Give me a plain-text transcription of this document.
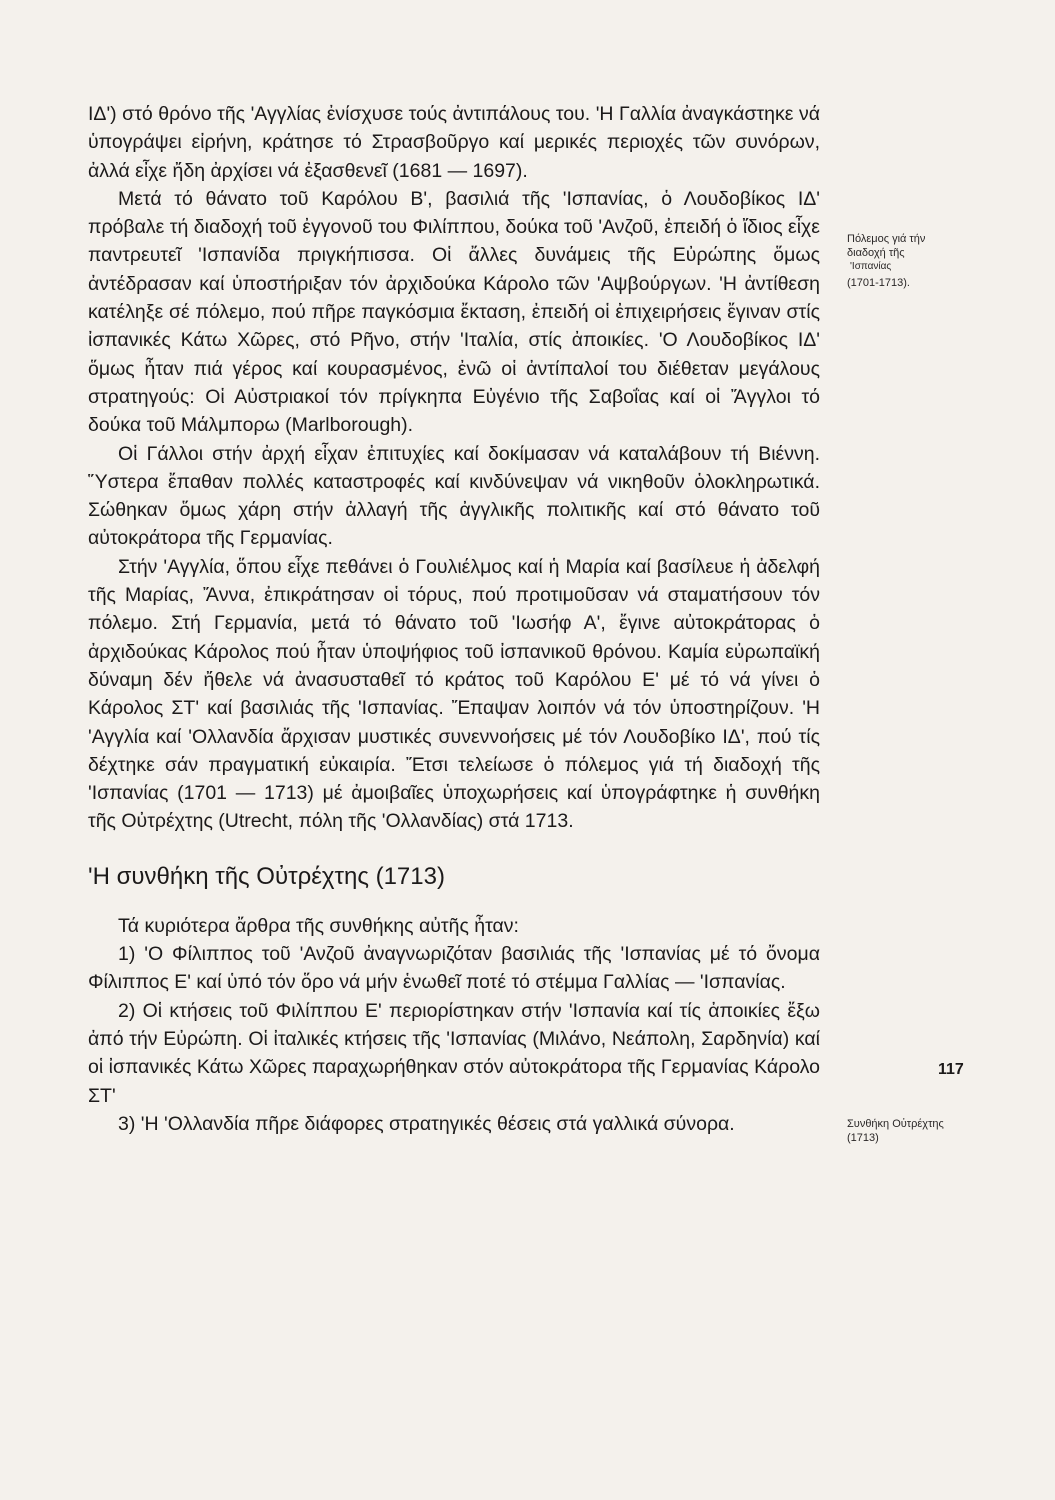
ΙΔ') στό θρόνο τῆς 'Αγγλίας ἐνίσχυσε τούς ἀντιπάλους του. 'Η Γαλλία ἀναγκάστηκε νά ὑπογράψει εἰρήνη, κράτησε τό Στρασβοῦργο καί μερικές περιοχές τῶν συνόρων, ἀλλά εἶχε ἤδη ἀρχίσει νά ἐξασθενεῖ (1681 — 1697).

Μετά τό θάνατο τοῦ Καρόλου Β', βασιλιά τῆς 'Ισπανίας, ὁ Λουδοβίκος ΙΔ' πρόβαλε τή διαδοχή τοῦ ἐγγονοῦ του Φιλίππου, δούκα τοῦ 'Ανζοῦ, ἐπειδή ὁ ἴδιος εἶχε παντρευτεῖ 'Ισπανίδα πριγκήπισσα. Οἱ ἄλλες δυνάμεις τῆς Εὐρώπης ὅμως ἀντέδρασαν καί ὑποστήριξαν τόν ἀρχιδούκα Κάρολο τῶν 'Αψβούργων. 'Η ἀντίθεση κατέληξε σέ πόλεμο, πού πῆρε παγκόσμια ἔκταση, ἐπειδή οἱ ἐπιχειρήσεις ἔγιναν στίς ἰσπανικές Κάτω Χῶρες, στό Ρῆνο, στήν 'Ιταλία, στίς ἀποικίες. 'Ο Λουδοβίκος ΙΔ' ὅμως ἦταν πιά γέρος καί κουρασμένος, ἐνῶ οἱ ἀντίπαλοί του διέθεταν μεγάλους στρατηγούς: Οἱ Αὐστριακοί τόν πρίγκηπα Εὐγένιο τῆς Σαβοΐας καί οἱ Ἄγγλοι τό δούκα τοῦ Μάλμπορω (Marlborough).

Οἱ Γάλλοι στήν ἀρχή εἶχαν ἐπιτυχίες καί δοκίμασαν νά καταλάβουν τή Βιέννη. Ὕστερα ἔπαθαν πολλές καταστροφές καί κινδύνεψαν νά νικηθοῦν ὁλοκληρωτικά. Σώθηκαν ὅμως χάρη στήν ἀλλαγή τῆς ἀγγλικῆς πολιτικῆς καί στό θάνατο τοῦ αὐτοκράτορα τῆς Γερμανίας.

Στήν 'Αγγλία, ὅπου εἶχε πεθάνει ὁ Γουλιέλμος καί ἡ Μαρία καί βασίλευε ἡ ἀδελφή τῆς Μαρίας, Ἄννα, ἐπικράτησαν οἱ τόρυς, πού προτιμοῦσαν νά σταματήσουν τόν πόλεμο. Στή Γερμανία, μετά τό θάνατο τοῦ 'Ιωσήφ Α', ἔγινε αὐτοκράτορας ὁ ἀρχιδούκας Κάρολος πού ἦταν ὑποψήφιος τοῦ ἰσπανικοῦ θρόνου. Καμία εὐρωπαϊκή δύναμη δέν ἤθελε νά ἀνασυσταθεῖ τό κράτος τοῦ Καρόλου Ε' μέ τό νά γίνει ὁ Κάρολος ΣΤ' καί βασιλιάς τῆς 'Ισπανίας. Ἔπαψαν λοιπόν νά τόν ὑποστηρίζουν. 'Η 'Αγγλία καί 'Ολλανδία ἄρχισαν μυστικές συνεννοήσεις μέ τόν Λουδοβίκο ΙΔ', πού τίς δέχτηκε σάν πραγματική εὐκαιρία. Ἔτσι τελείωσε ὁ πόλεμος γιά τή διαδοχή τῆς 'Ισπανίας (1701 — 1713) μέ ἀμοιβαῖες ὑποχωρήσεις καί ὑπογράφτηκε ἡ συνθήκη τῆς Οὐτρέχτης (Utrecht, πόλη τῆς 'Ολλανδίας) στά 1713.

'Η συνθήκη τῆς Οὐτρέχτης (1713)

Τά κυριότερα ἄρθρα τῆς συνθήκης αὐτῆς ἦταν:

1) 'Ο Φίλιππος τοῦ 'Ανζοῦ ἀναγνωριζόταν βασιλιάς τῆς 'Ισπανίας μέ τό ὄνομα Φίλιππος Ε' καί ὑπό τόν ὅρο νά μήν ἑνωθεῖ ποτέ τό στέμμα Γαλλίας — 'Ισπανίας.

2) Οἱ κτήσεις τοῦ Φιλίππου Ε' περιορίστηκαν στήν 'Ισπανία καί τίς ἀποικίες ἔξω ἀπό τήν Εὐρώπη. Οἱ ἰταλικές κτήσεις τῆς 'Ισπανίας (Μιλάνο, Νεάπολη, Σαρδηνία) καί οἱ ἰσπανικές Κάτω Χῶρες παραχωρήθηκαν στόν αὐτοκράτορα τῆς Γερμανίας Κάρολο ΣΤ'

3) 'Η 'Ολλανδία πῆρε διάφορες στρατηγικές θέσεις στά γαλλικά σύνορα.

Πόλεμος γιά τήν
διαδοχή τῆς
'Ισπανίας
(1701-1713).
Συνθήκη Οὐτρέχτης
(1713)
117
